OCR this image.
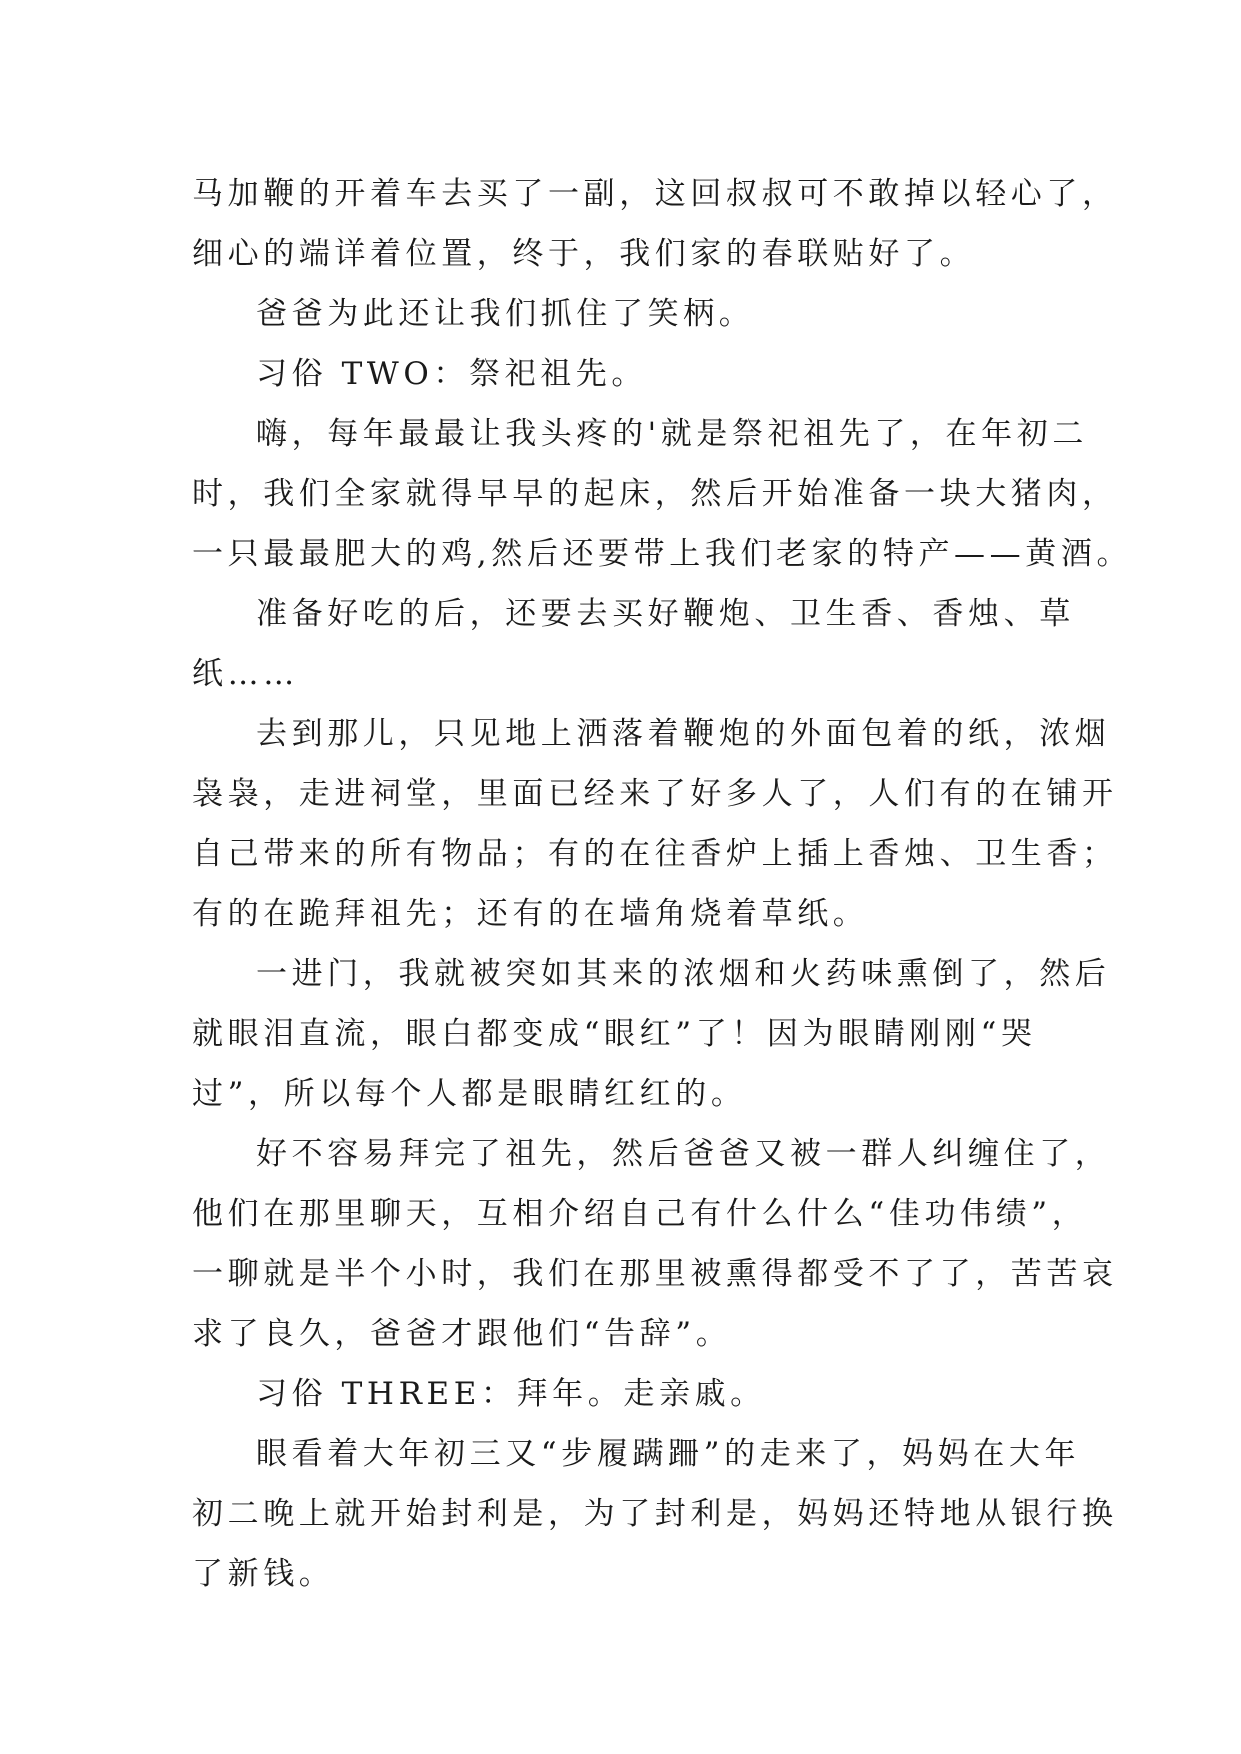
马加鞭的开着车去买了一副，这回叔叔可不敢掉以轻心了，
细心的端详着位置，终于，我们家的春联贴好了。
爸爸为此还让我们抓住了笑柄。
习俗 TWO：祭祀祖先。
嗨，每年最最让我头疼的'就是祭祀祖先了，在年初二
时，我们全家就得早早的起床，然后开始准备一块大猪肉，
一只最最肥大的鸡,然后还要带上我们老家的特产——黄酒。
准备好吃的后，还要去买好鞭炮、卫生香、香烛、草
纸……
去到那儿，只见地上洒落着鞭炮的外面包着的纸，浓烟
袅袅，走进祠堂，里面已经来了好多人了，人们有的在铺开
自己带来的所有物品；有的在往香炉上插上香烛、卫生香；
有的在跪拜祖先；还有的在墙角烧着草纸。
一进门，我就被突如其来的浓烟和火药味熏倒了，然后
就眼泪直流，眼白都变成“眼红”了！因为眼睛刚刚“哭
过”，所以每个人都是眼睛红红的。
好不容易拜完了祖先，然后爸爸又被一群人纠缠住了，
他们在那里聊天，互相介绍自己有什么什么“佳功伟绩”，
一聊就是半个小时，我们在那里被熏得都受不了了，苦苦哀
求了良久，爸爸才跟他们“告辞”。
习俗 THREE：拜年。走亲戚。
眼看着大年初三又“步履蹒跚”的走来了，妈妈在大年
初二晚上就开始封利是，为了封利是，妈妈还特地从银行换
了新钱。
